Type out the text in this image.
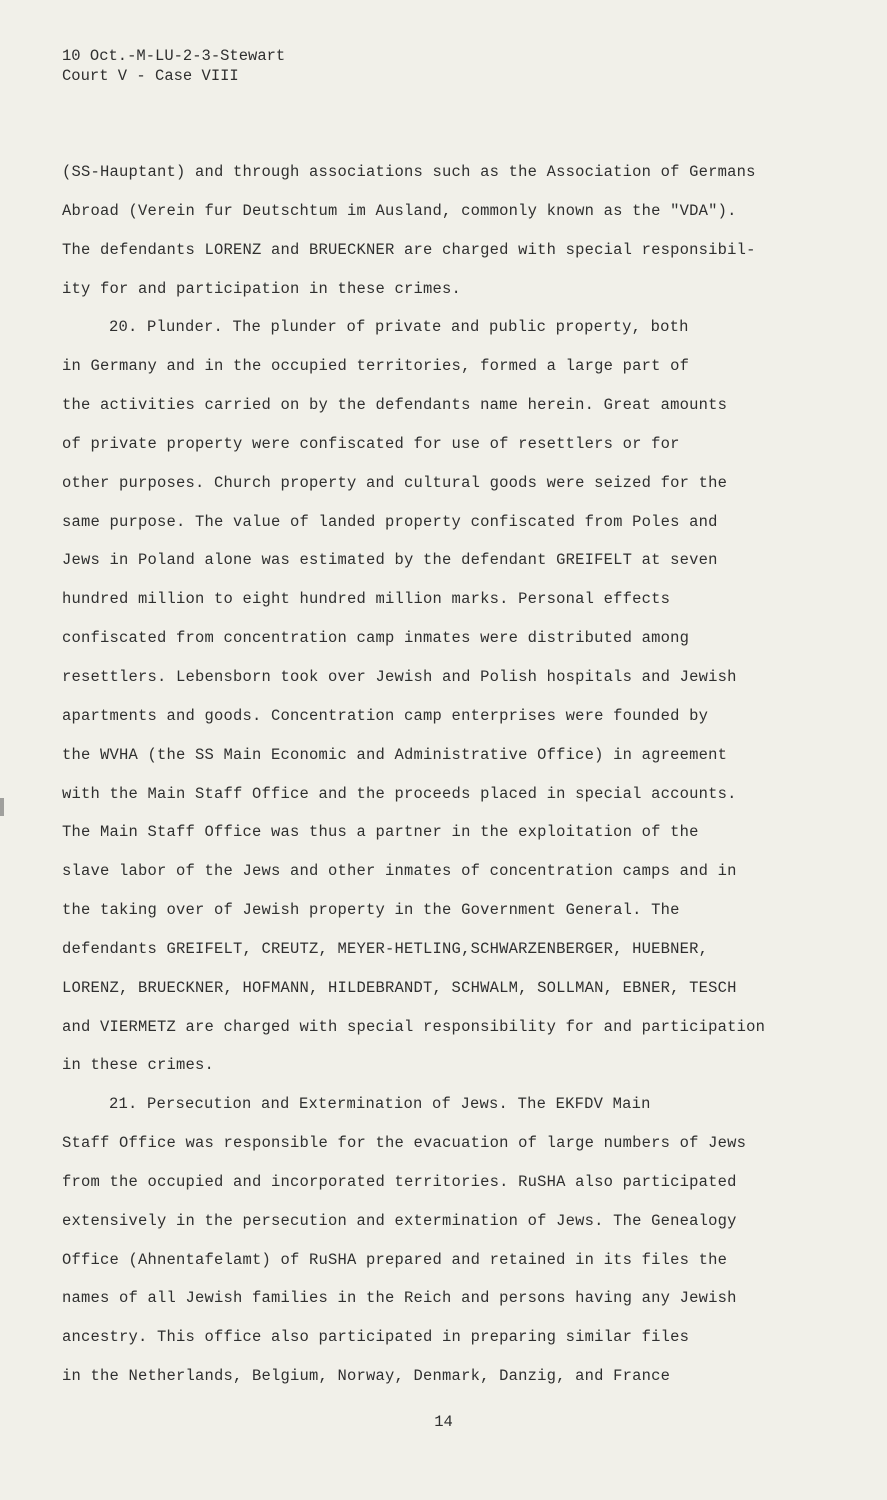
10 Oct.-M-LU-2-3-Stewart
Court V - Case VIII
(SS-Hauptant) and through associations such as the Association of Germans
Abroad (Verein fur Deutschtum im Ausland, commonly known as the "VDA").
The defendants LORENZ and BRUECKNER are charged with special responsibil-
ity for and participation in these crimes.
20. Plunder. The plunder of private and public property, both
in Germany and in the occupied territories, formed a large part of
the activities carried on by the defendants name herein. Great amounts
of private property were confiscated for use of resettlers or for
other purposes. Church property and cultural goods were seized for the
same purpose. The value of landed property confiscated from Poles and
Jews in Poland alone was estimated by the defendant GREIFELT at seven
hundred million to eight hundred million marks. Personal effects
confiscated from concentration camp inmates were distributed among
resettlers. Lebensborn took over Jewish and Polish hospitals and Jewish
apartments and goods. Concentration camp enterprises were founded by
the WVHA (the SS Main Economic and Administrative Office) in agreement
with the Main Staff Office and the proceeds placed in special accounts.
The Main Staff Office was thus a partner in the exploitation of the
slave labor of the Jews and other inmates of concentration camps and in
the taking over of Jewish property in the Government General. The
defendants GREIFELT, CREUTZ, MEYER-HETLING,SCHWARZENBERGER, HUEBNER,
LORENZ, BRUECKNER, HOFMANN, HILDEBRANDT, SCHWALM, SOLLMAN, EBNER, TESCH
and VIERMETZ are charged with special responsibility for and participation
in these crimes.
21. Persecution and Extermination of Jews. The EKFDV Main
Staff Office was responsible for the evacuation of large numbers of Jews
from the occupied and incorporated territories. RuSHA also participated
extensively in the persecution and extermination of Jews. The Genealogy
Office (Ahnentafelamt) of RuSHA prepared and retained in its files the
names of all Jewish families in the Reich and persons having any Jewish
ancestry. This office also participated in preparing similar files
in the Netherlands, Belgium, Norway, Denmark, Danzig, and France
14
